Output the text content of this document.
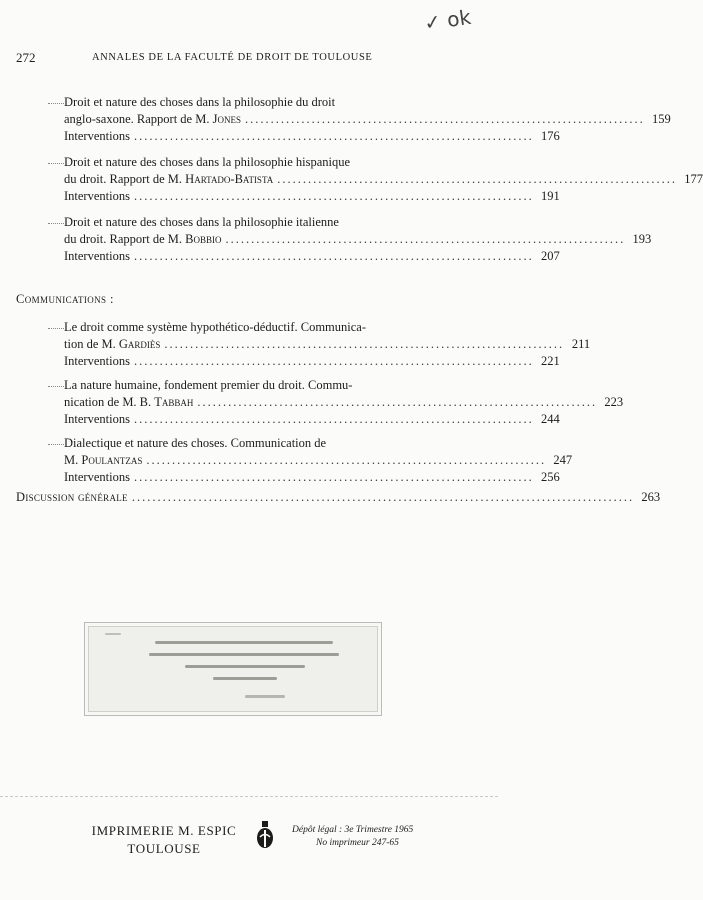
272	ANNALES DE LA FACULTÉ DE DROIT DE TOULOUSE
✓ ok
Droit et nature des choses dans la philosophie du droit
anglo-saxone. Rapport de M. Jones .............................................................................. 159
Interventions .............................................................................. 176
Droit et nature des choses dans la philosophie hispanique
du droit. Rapport de M. Hartado-Batista .............................................................................. 177
Interventions .............................................................................. 191
Droit et nature des choses dans la philosophie italienne
du droit. Rapport de M. Bobbio .............................................................................. 193
Interventions .............................................................................. 207
Communications :
Le droit comme système hypothético-déductif. Communica-
tion de M. Gardiès .............................................................................. 211
Interventions .............................................................................. 221
La nature humaine, fondement premier du droit. Commu-
nication de M. B. Tabbah .............................................................................. 223
Interventions .............................................................................. 244
Dialectique et nature des choses. Communication de
M. Poulantzas .............................................................................. 247
Interventions .............................................................................. 256
Discussion générale .................................................................................................. 263
IMPRIMERIE M. ESPIC
TOULOUSE
Dépôt légal : 3e Trimestre 1965
No imprimeur 247-65
